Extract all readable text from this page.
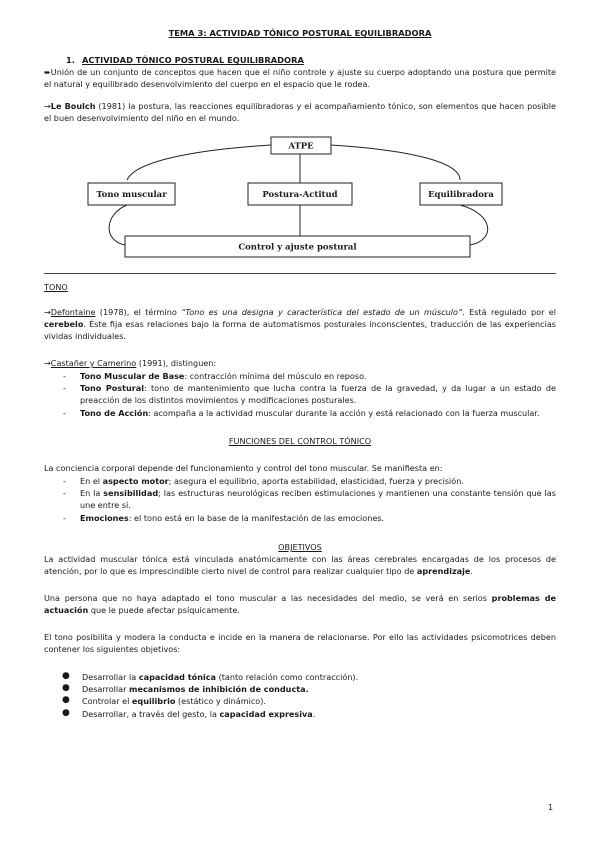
TEMA 3: ACTIVIDAD TÓNICO POSTURAL EQUILIBRADORA
1. ACTIVIDAD TÓNICO POSTURAL EQUILIBRADORA
➨Unión de un conjunto de conceptos que hacen que el niño controle y ajuste su cuerpo adoptando una postura que permite el natural y equilibrado desenvolvimiento del cuerpo en el espacio que le rodea.
→Le Boulch (1981) la postura, las reacciones equilibradoras y el acompañamiento tónico, son elementos que hacen posible el buen desenvolvimiento del niño en el mundo.
ATPE
Tono muscular	Postura-Actitud	Equilibradora
Control y ajuste postural
TONO
→Defontaine (1978), el término “Tono es una designa y característica del estado de un músculo”. Está regulado por el cerebelo. Éste fija esas relaciones bajo la forma de automatismos posturales inconscientes, traducción de las experiencias vividas individuales.
→Castañer y Camerino (1991), distinguen:
- Tono Muscular de Base: contracción mínima del músculo en reposo.
- Tono Postural: tono de mantenimiento que lucha contra la fuerza de la gravedad, y da lugar a un estado de preacción de los distintos movimientos y modificaciones posturales.
- Tono de Acción: acompaña a la actividad muscular durante la acción y está relacionado con la fuerza muscular.
FUNCIONES DEL CONTROL TÓNICO
La conciencia corporal depende del funcionamiento y control del tono muscular. Se manifiesta en:
- En el aspecto motor; asegura el equilibrio, aporta estabilidad, elasticidad, fuerza y precisión.
- En la sensibilidad; las estructuras neurológicas reciben estimulaciones y mantienen una constante tensión que las une entre sí.
- Emociones: el tono está en la base de la manifestación de las emociones.
OBJETIVOS
La actividad muscular tónica está vinculada anatómicamente con las áreas cerebrales encargadas de los procesos de atención, por lo que es imprescindible cierto nivel de control para realizar cualquier tipo de aprendizaje.
Una persona que no haya adaptado el tono muscular a las necesidades del medio, se verá en serios problemas de actuación que le puede afectar psíquicamente.
El tono posibilita y modera la conducta e incide en la manera de relacionarse. Por ello las actividades psicomotrices deben contener los siguientes objetivos:
● Desarrollar la capacidad tónica (tanto relación como contracción).
● Desarrollar mecanismos de inhibición de conducta.
● Controlar el equilibrio (estático y dinámico).
● Desarrollar, a través del gesto, la capacidad expresiva.
1
